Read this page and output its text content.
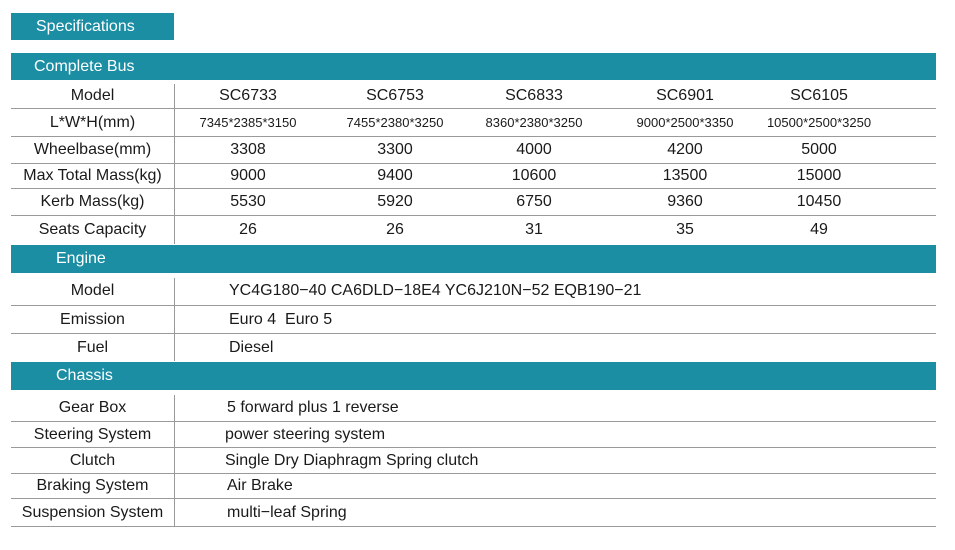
Specifications
Complete Bus
Model	SC6733	SC6753	SC6833	SC6901	SC6105
L*W*H(mm)	7345*2385*3150	7455*2380*3250	8360*2380*3250	9000*2500*3350	10500*2500*3250
Wheelbase(mm)	3308	3300	4000	4200	5000
Max Total Mass(kg)	9000	9400	10600	13500	15000
Kerb Mass(kg)	5530	5920	6750	9360	10450
Seats Capacity	26	26	31	35	49
Engine
Model	YC4G180−40 CA6DLD−18E4 YC6J210N−52 EQB190−21
Emission	Euro 4  Euro 5
Fuel	Diesel
Chassis
Gear Box	5 forward plus 1 reverse
Steering System	power steering system
Clutch	Single Dry Diaphragm Spring clutch
Braking System	Air Brake
Suspension System	multi−leaf Spring
